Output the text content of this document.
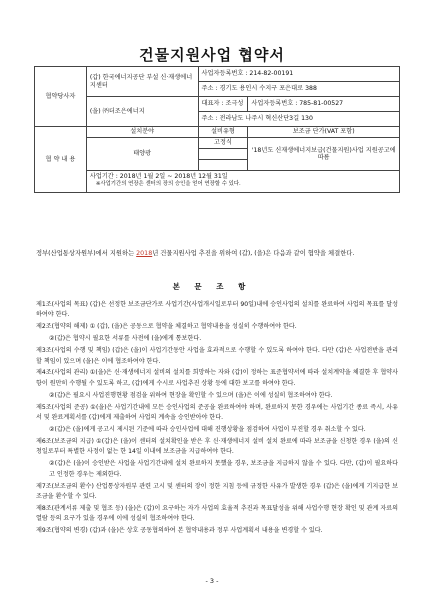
건물지원사업 협약서
협약당사자	(갑) 한국에너지공단 부설 신·재생에너지센터	사업자등록번호 : 214-82-00191	
		주소 : 경기도 용인시 수지구 포은대로 388	
	(을) ㈜더조은에너지	대표자 : 조극성	사업자등록번호 : 785-81-00527
		주소 : 전라남도 나주시 혁신산단3길 130	
협 약 내 용	설치분야	설비유형	보조금 단가(VAT 포함)
	태양광	고정식	'18년도 신재생에너지보급(건물지원)사업 지원공고에 따름

	사업기간 : 2018년 1월 2일 ~ 2018년 12월 31일
※사업기간의 연장은 센터의 장의 승인을 얻어 연장할 수 있다.		
정부(산업통상자원부)에서 지원하는 2018년 건물지원사업 추진을 위하여 (갑), (을)은 다음과 같이 협약을 체결한다.
본 문 조 항

제1조(사업의 목표) (갑)은 선정한 보조금단가로 사업기간(사업개시일로부터 90일)내에 승인사업의 설치를 완료하여 사업의 목표를 달성하여야 한다.

제2조(협약의 해제) ① (갑), (을)은 공동으로 협약을 체결하고 협약내용을 성실히 수행하여야 한다.

②(갑)은 협약시 필요한 서류를 사전에 (을)에게 통보한다.

제3조(사업의 수행 및 책임) (갑)은 (을)이 사업기간동안 사업을 효과적으로 수행할 수 있도록 하여야 한다. 다만 (갑)은 사업전반을 관리할 책임이 있으며 (을)은 이에 협조하여야 한다.

제4조(사업의 관리) ①(을)은 신·재생에너지 설비의 설치를 희망하는 자와 (갑)이 정하는 표준협약서에 따라 설치계약을 체결한 후 협약사항이 원만히 수행될 수 있도록 하고, (갑)에게 수시로 사업추진 상황 등에 대한 보고를 하여야 한다.

②(갑)은 필요시 사업진행현황 점검을 위하여 현장을 확인할 수 있으며 (을)은 이에 성실히 협조하여야 한다.

제5조(사업의 준공) ①(을)은 사업기간내에 모든 승인사업의 준공을 완료하여야 하며, 완료하지 못한 경우에는 사업기간 종료 즉시, 사유서 및 완료계획서를 (갑)에게 제출하여 사업의 계속을 승인받아야 한다.

②(갑)은 (을)에게 공고시 제시된 기준에 따라 승인사업에 대해 진행상황을 점검하여 사업이 부진할 경우 취소할 수 있다.

제6조(보조금의 지급) ①(갑)은 (을)이 센터의 설치확인을 받은 후 신·재생에너지 설비 설치 완료에 따라 보조금을 신청한 경우 (을)의 신청일로부터 특별한 사정이 없는 한 14일 이내에 보조금을 지급하여야 한다.

②(갑)은 (을)이 승인받은 사업을 사업기간내에 설치 완료하지 못했을 경우, 보조금을 지급하지 않을 수 있다. 다만, (갑)이 필요하다고 인정한 경우는 제외한다.

제7조(보조금의 환수) 산업통상자원부 관련 고시 및 센터의 장이 정한 지침 등에 규정한 사유가 발생한 경우 (갑)은 (을)에게 기지급한 보조금을 환수할 수 있다.

제8조(관계서류 제출 및 협조 등) (을)은 (갑)이 요구하는 자가 사업의 효율적 추진과 목표달성을 위해 사업수행 현장 확인 및 관계 자료의 열람 등의 요구가 있을 경우에 이에 성실히 협조하여야 한다.

제9조(협약의 변경) (갑)과 (을)은 상호 공동협의하여 본 협약내용과 정부 사업계획서 내용을 변경할 수 있다.

- 3 -
